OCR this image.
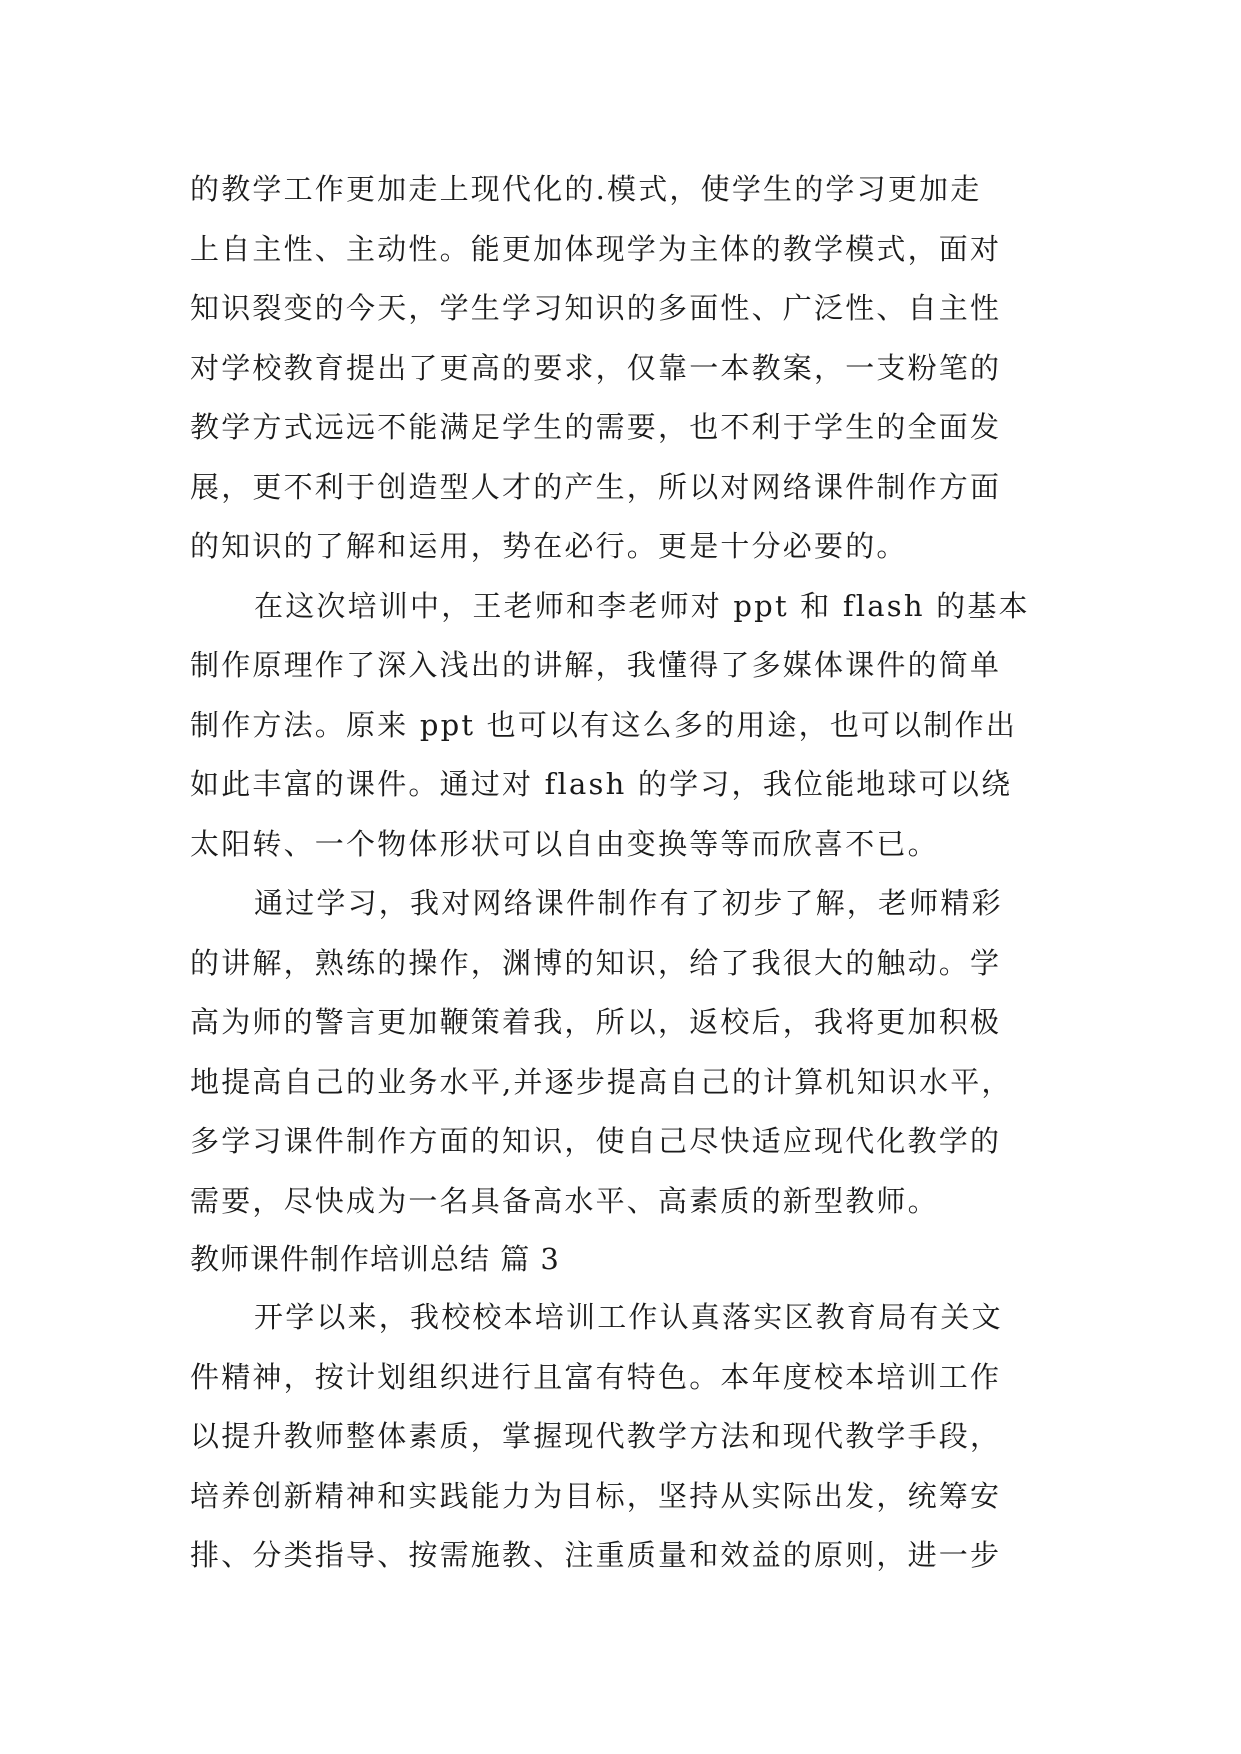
的教学工作更加走上现代化的.模式，使学生的学习更加走
上自主性、主动性。能更加体现学为主体的教学模式，面对
知识裂变的今天，学生学习知识的多面性、广泛性、自主性
对学校教育提出了更高的要求，仅靠一本教案，一支粉笔的
教学方式远远不能满足学生的需要，也不利于学生的全面发
展，更不利于创造型人才的产生，所以对网络课件制作方面
的知识的了解和运用，势在必行。更是十分必要的。
在这次培训中，王老师和李老师对 ppt 和 flash 的基本
制作原理作了深入浅出的讲解，我懂得了多媒体课件的简单
制作方法。原来 ppt 也可以有这么多的用途，也可以制作出
如此丰富的课件。通过对 flash 的学习，我位能地球可以绕
太阳转、一个物体形状可以自由变换等等而欣喜不已。
通过学习，我对网络课件制作有了初步了解，老师精彩
的讲解，熟练的操作，渊博的知识，给了我很大的触动。学
高为师的警言更加鞭策着我，所以，返校后，我将更加积极
地提高自己的业务水平,并逐步提高自己的计算机知识水平，
多学习课件制作方面的知识，使自己尽快适应现代化教学的
需要，尽快成为一名具备高水平、高素质的新型教师。
教师课件制作培训总结 篇 3
开学以来，我校校本培训工作认真落实区教育局有关文
件精神，按计划组织进行且富有特色。本年度校本培训工作
以提升教师整体素质，掌握现代教学方法和现代教学手段，
培养创新精神和实践能力为目标，坚持从实际出发，统筹安
排、分类指导、按需施教、注重质量和效益的原则，进一步
